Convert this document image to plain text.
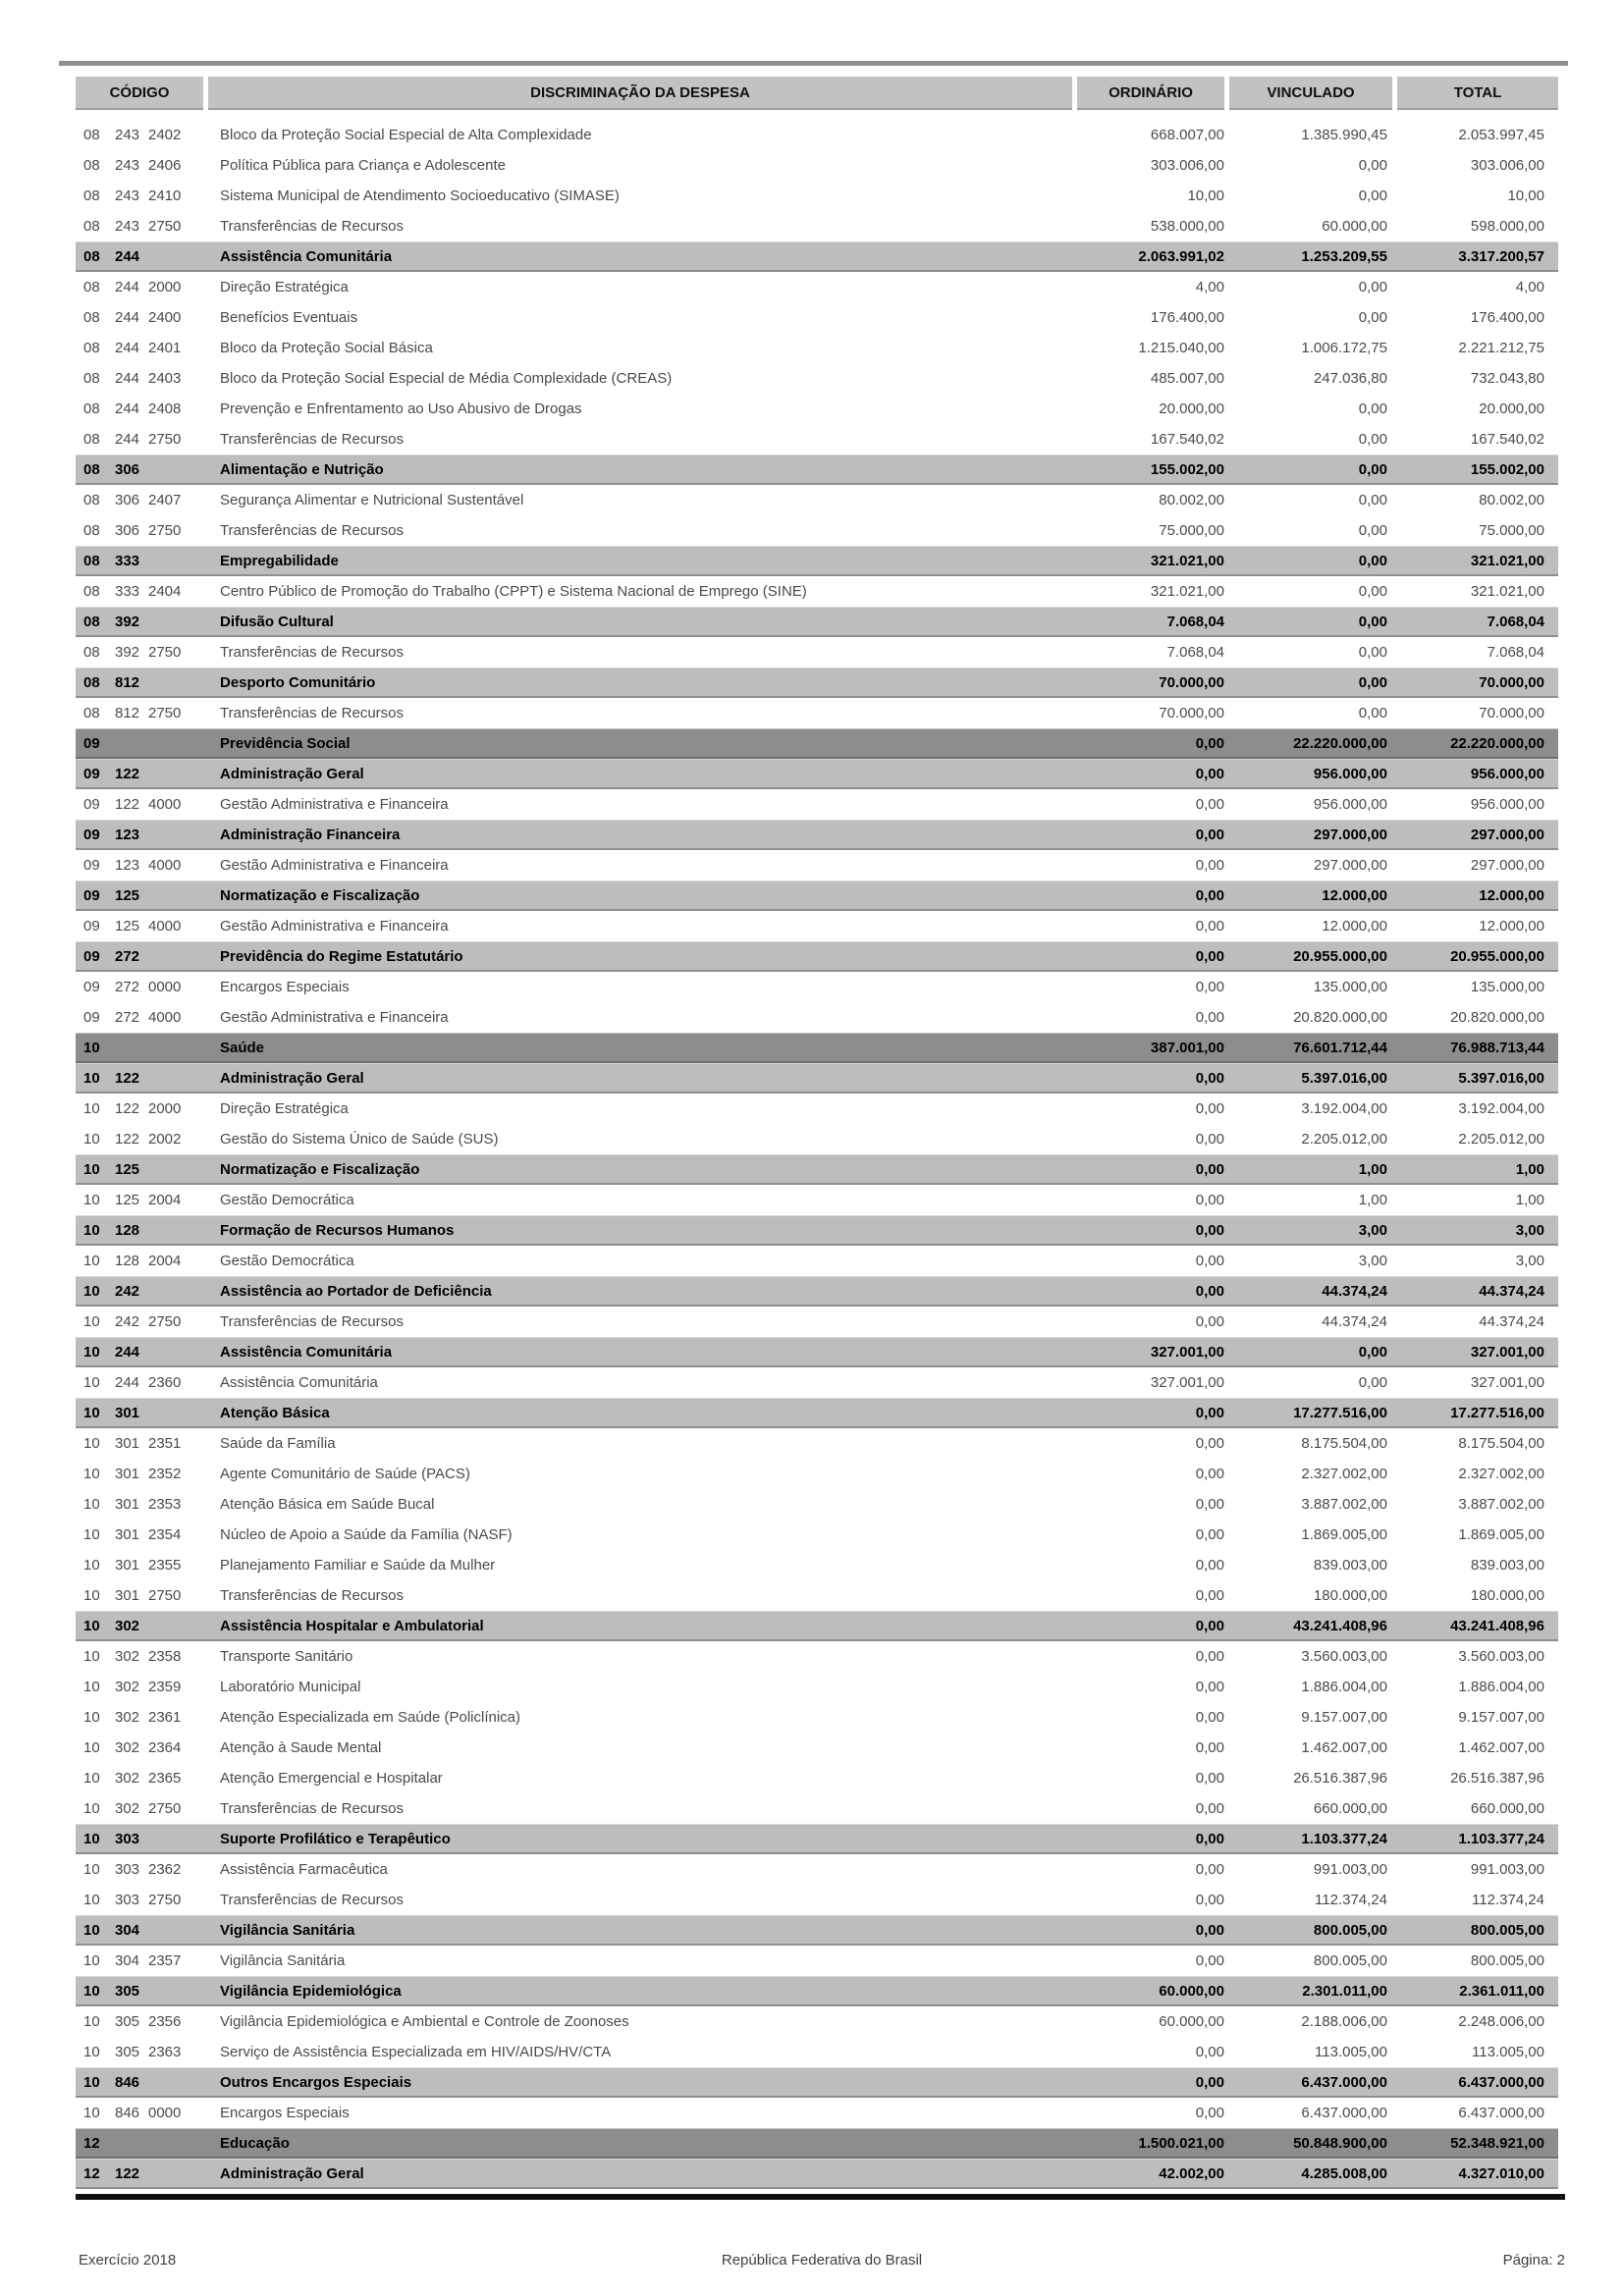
CÓDIGO	DISCRIMINAÇÃO DA DESPESA	ORDINÁRIO	VINCULADO	TOTAL
08	243 2402	Bloco da Proteção Social Especial de Alta Complexidade	668.007,00	1.385.990,45	2.053.997,45
08	243 2406	Política Pública para Criança e Adolescente	303.006,00	0,00	303.006,00
08	243 2410	Sistema Municipal de Atendimento Socioeducativo (SIMASE)	10,00	0,00	10,00
08	243 2750	Transferências de Recursos	538.000,00	60.000,00	598.000,00
08	244	Assistência Comunitária	2.063.991,02	1.253.209,55	3.317.200,57
08	244 2000	Direção Estratégica	4,00	0,00	4,00
08	244 2400	Benefícios Eventuais	176.400,00	0,00	176.400,00
08	244 2401	Bloco da Proteção Social Básica	1.215.040,00	1.006.172,75	2.221.212,75
08	244 2403	Bloco da Proteção Social Especial de Média Complexidade (CREAS)	485.007,00	247.036,80	732.043,80
08	244 2408	Prevenção e Enfrentamento ao Uso Abusivo de Drogas	20.000,00	0,00	20.000,00
08	244 2750	Transferências de Recursos	167.540,02	0,00	167.540,02
08	306	Alimentação e Nutrição	155.002,00	0,00	155.002,00
08	306 2407	Segurança Alimentar e Nutricional Sustentável	80.002,00	0,00	80.002,00
08	306 2750	Transferências de Recursos	75.000,00	0,00	75.000,00
08	333	Empregabilidade	321.021,00	0,00	321.021,00
08	333 2404	Centro Público de Promoção do Trabalho (CPPT) e Sistema Nacional de Emprego (SINE)	321.021,00	0,00	321.021,00
08	392	Difusão Cultural	7.068,04	0,00	7.068,04
08	392 2750	Transferências de Recursos	7.068,04	0,00	7.068,04
08	812	Desporto Comunitário	70.000,00	0,00	70.000,00
08	812 2750	Transferências de Recursos	70.000,00	0,00	70.000,00
09	Previdência Social	0,00	22.220.000,00	22.220.000,00
09	122	Administração Geral	0,00	956.000,00	956.000,00
09	122 4000	Gestão Administrativa e Financeira	0,00	956.000,00	956.000,00
09	123	Administração Financeira	0,00	297.000,00	297.000,00
09	123 4000	Gestão Administrativa e Financeira	0,00	297.000,00	297.000,00
09	125	Normatização e Fiscalização	0,00	12.000,00	12.000,00
09	125 4000	Gestão Administrativa e Financeira	0,00	12.000,00	12.000,00
09	272	Previdência do Regime Estatutário	0,00	20.955.000,00	20.955.000,00
09	272 0000	Encargos Especiais	0,00	135.000,00	135.000,00
09	272 4000	Gestão Administrativa e Financeira	0,00	20.820.000,00	20.820.000,00
10	Saúde	387.001,00	76.601.712,44	76.988.713,44
10	122	Administração Geral	0,00	5.397.016,00	5.397.016,00
10	122 2000	Direção Estratégica	0,00	3.192.004,00	3.192.004,00
10	122 2002	Gestão do Sistema Único de Saúde (SUS)	0,00	2.205.012,00	2.205.012,00
10	125	Normatização e Fiscalização	0,00	1,00	1,00
10	125 2004	Gestão Democrática	0,00	1,00	1,00
10	128	Formação de Recursos Humanos	0,00	3,00	3,00
10	128 2004	Gestão Democrática	0,00	3,00	3,00
10	242	Assistência ao Portador de Deficiência	0,00	44.374,24	44.374,24
10	242 2750	Transferências de Recursos	0,00	44.374,24	44.374,24
10	244	Assistência Comunitária	327.001,00	0,00	327.001,00
10	244 2360	Assistência Comunitária	327.001,00	0,00	327.001,00
10	301	Atenção Básica	0,00	17.277.516,00	17.277.516,00
10	301 2351	Saúde da Família	0,00	8.175.504,00	8.175.504,00
10	301 2352	Agente Comunitário de Saúde (PACS)	0,00	2.327.002,00	2.327.002,00
10	301 2353	Atenção Básica em Saúde Bucal	0,00	3.887.002,00	3.887.002,00
10	301 2354	Núcleo de Apoio a Saúde da Família (NASF)	0,00	1.869.005,00	1.869.005,00
10	301 2355	Planejamento Familiar e Saúde da Mulher	0,00	839.003,00	839.003,00
10	301 2750	Transferências de Recursos	0,00	180.000,00	180.000,00
10	302	Assistência Hospitalar e Ambulatorial	0,00	43.241.408,96	43.241.408,96
10	302 2358	Transporte Sanitário	0,00	3.560.003,00	3.560.003,00
10	302 2359	Laboratório Municipal	0,00	1.886.004,00	1.886.004,00
10	302 2361	Atenção Especializada em Saúde (Policlínica)	0,00	9.157.007,00	9.157.007,00
10	302 2364	Atenção à Saude Mental	0,00	1.462.007,00	1.462.007,00
10	302 2365	Atenção Emergencial e Hospitalar	0,00	26.516.387,96	26.516.387,96
10	302 2750	Transferências de Recursos	0,00	660.000,00	660.000,00
10	303	Suporte Profilático e Terapêutico	0,00	1.103.377,24	1.103.377,24
10	303 2362	Assistência Farmacêutica	0,00	991.003,00	991.003,00
10	303 2750	Transferências de Recursos	0,00	112.374,24	112.374,24
10	304	Vigilância Sanitária	0,00	800.005,00	800.005,00
10	304 2357	Vigilância Sanitária	0,00	800.005,00	800.005,00
10	305	Vigilância Epidemiológica	60.000,00	2.301.011,00	2.361.011,00
10	305 2356	Vigilância Epidemiológica e Ambiental e Controle de Zoonoses	60.000,00	2.188.006,00	2.248.006,00
10	305 2363	Serviço de Assistência Especializada em HIV/AIDS/HV/CTA	0,00	113.005,00	113.005,00
10	846	Outros Encargos Especiais	0,00	6.437.000,00	6.437.000,00
10	846 0000	Encargos Especiais	0,00	6.437.000,00	6.437.000,00
12	Educação	1.500.021,00	50.848.900,00	52.348.921,00
12	122	Administração Geral	42.002,00	4.285.008,00	4.327.010,00
Exercício 2018	República Federativa do Brasil	Página: 2
